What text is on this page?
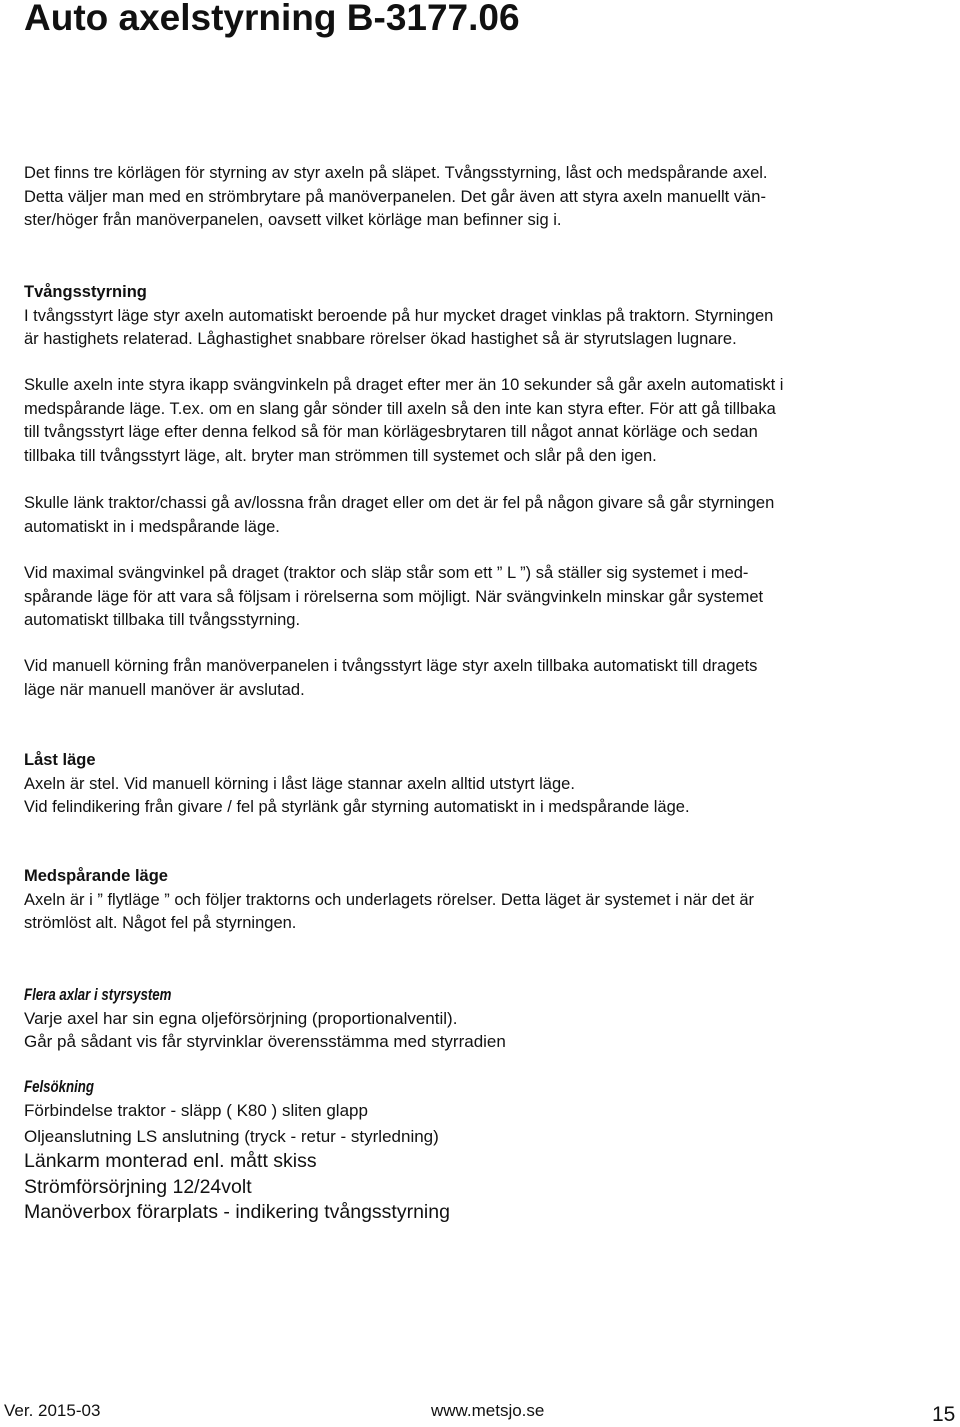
Auto axelstyrning B-3177.06
Det finns tre körlägen för styrning av styr axeln på släpet. Tvångsstyrning, låst och medspårande axel.
Detta väljer man med en strömbrytare på manöverpanelen. Det går även att styra axeln manuellt vän-
ster/höger från manöverpanelen, oavsett vilket körläge man befinner sig i.
Tvångsstyrning
I tvångsstyrt läge styr axeln automatiskt beroende på hur mycket draget vinklas på traktorn. Styrningen
är hastighets relaterad. Låghastighet snabbare rörelser ökad hastighet så är styrutslagen lugnare.
Skulle axeln inte styra ikapp svängvinkeln på draget efter mer än 10 sekunder så går axeln automatiskt i
medspårande läge. T.ex. om en slang går sönder till axeln så den inte kan styra efter. För att gå tillbaka
till tvångsstyrt läge efter denna felkod så för man körlägesbrytaren till något annat körläge och sedan
tillbaka till tvångsstyrt läge, alt. bryter man strömmen till systemet och slår på den igen.
Skulle länk traktor/chassi gå av/lossna från draget eller om det är fel på någon givare så går styrningen
automatiskt in i medspårande läge.
Vid maximal svängvinkel på draget (traktor och släp står som ett ” L ”) så ställer sig systemet i med-
spårande läge för att vara så följsam i rörelserna som möjligt. När svängvinkeln minskar går systemet
automatiskt tillbaka till tvångsstyrning.
Vid manuell körning från manöverpanelen i tvångsstyrt läge styr axeln tillbaka automatiskt till dragets
läge när manuell manöver är avslutad.
Låst läge
Axeln är stel. Vid manuell körning i låst läge stannar axeln alltid utstyrt läge.
Vid felindikering från givare / fel på styrlänk går styrning automatiskt in i medspårande läge.
Medspårande läge
Axeln är i ” flytläge ” och följer traktorns och underlagets rörelser. Detta läget är systemet i när det är
strömlöst alt. Något fel på styrningen.
Flera axlar i styrsystem
Varje axel har sin egna oljeförsörjning (proportionalventil).
Går på sådant vis får styrvinklar överensstämma med styrradien
Felsökning
Förbindelse traktor - släpp ( K80 ) sliten glapp
Oljeanslutning LS anslutning (tryck - retur - styrledning)
Länkarm monterad enl. mått skiss
Strömförsörjning 12/24volt
Manöverbox förarplats - indikering tvångsstyrning
Ver. 2015-03	www.metsjo.se	15
